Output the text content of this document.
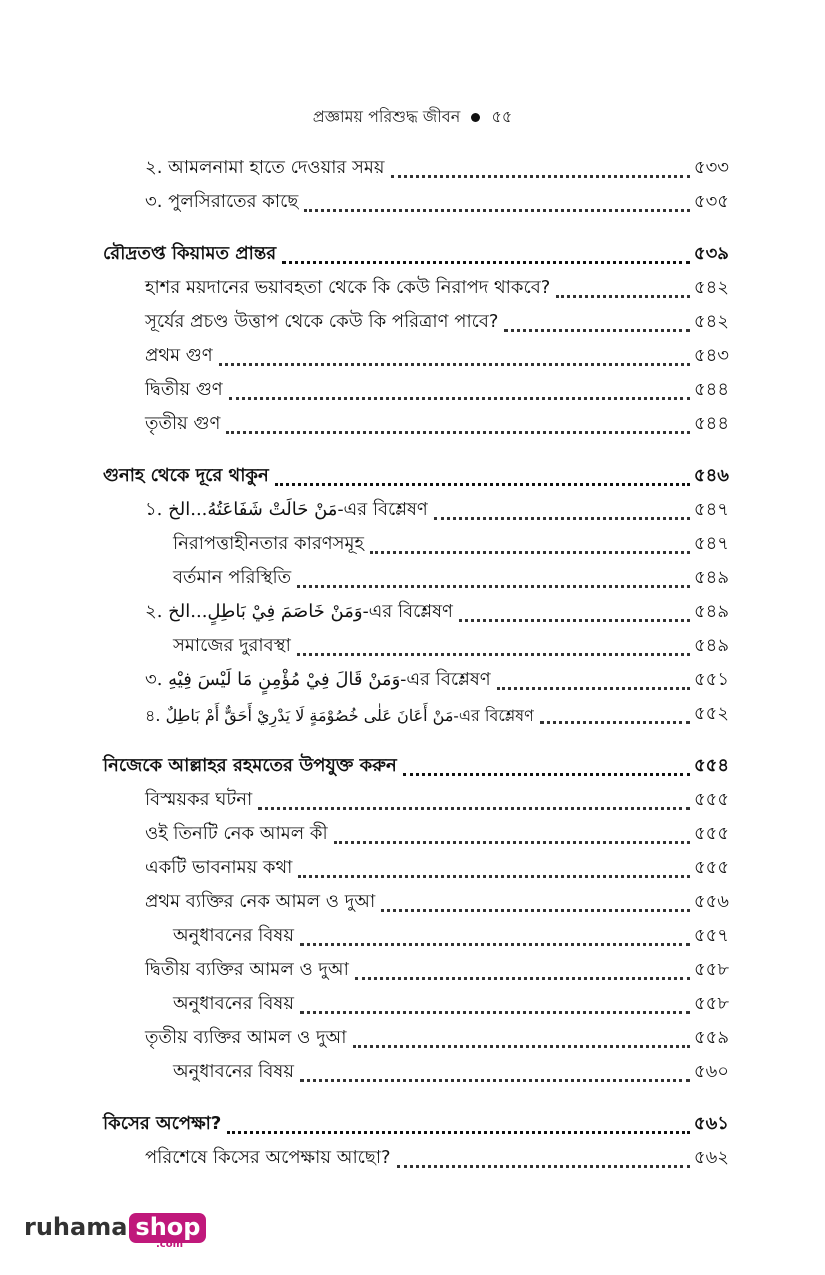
প্রজ্ঞাময় পরিশুদ্ধ জীবন ৫৫
২. আমলনামা হাতে দেওয়ার সময়	৫৩৩
৩. পুলসিরাতের কাছে	৫৩৫
রৌদ্রতপ্ত কিয়ামত প্রান্তর	৫৩৯
হাশর ময়দানের ভয়াবহতা থেকে কি কেউ নিরাপদ থাকবে?	৫৪২
সূর্যের প্রচণ্ড উত্তাপ থেকে কেউ কি পরিত্রাণ পাবে?	৫৪২
প্রথম গুণ	৫৪৩
দ্বিতীয় গুণ	৫৪৪
তৃতীয় গুণ	৫৪৪
গুনাহ থেকে দূরে থাকুন	৫৪৬
১. مَنْ حَالَتْ شَفَاعَتُهُ...الخ-এর বিশ্লেষণ	৫৪৭
নিরাপত্তাহীনতার কারণসমূহ	৫৪৭
বর্তমান পরিস্থিতি	৫৪৯
২. وَمَنْ خَاصَمَ فِيْ بَاطِلٍ...الخ-এর বিশ্লেষণ	৫৪৯
সমাজের দুরাবস্থা	৫৪৯
৩. وَمَنْ قَالَ فِيْ مُؤْمِنٍ مَا لَيْسَ فِيْهِ-এর বিশ্লেষণ	৫৫১
৪. مَنْ أَعَانَ عَلٰى خُصُوْمَةٍ لَا يَدْرِيْ أَحَقٌّ أَمْ بَاطِلٌ-এর বিশ্লেষণ	৫৫২
নিজেকে আল্লাহর রহমতের উপযুক্ত করুন	৫৫৪
বিস্ময়কর ঘটনা	৫৫৫
ওই তিনটি নেক আমল কী	৫৫৫
একটি ভাবনাময় কথা	৫৫৫
প্রথম ব্যক্তির নেক আমল ও দুআ	৫৫৬
অনুধাবনের বিষয়	৫৫৭
দ্বিতীয় ব্যক্তির আমল ও দুআ	৫৫৮
অনুধাবনের বিষয়	৫৫৮
তৃতীয় ব্যক্তির আমল ও দুআ	৫৫৯
অনুধাবনের বিষয়	৫৬০
কিসের অপেক্ষা?	৫৬১
পরিশেষে কিসের অপেক্ষায় আছো?	৫৬২
ruhama shop
.com
